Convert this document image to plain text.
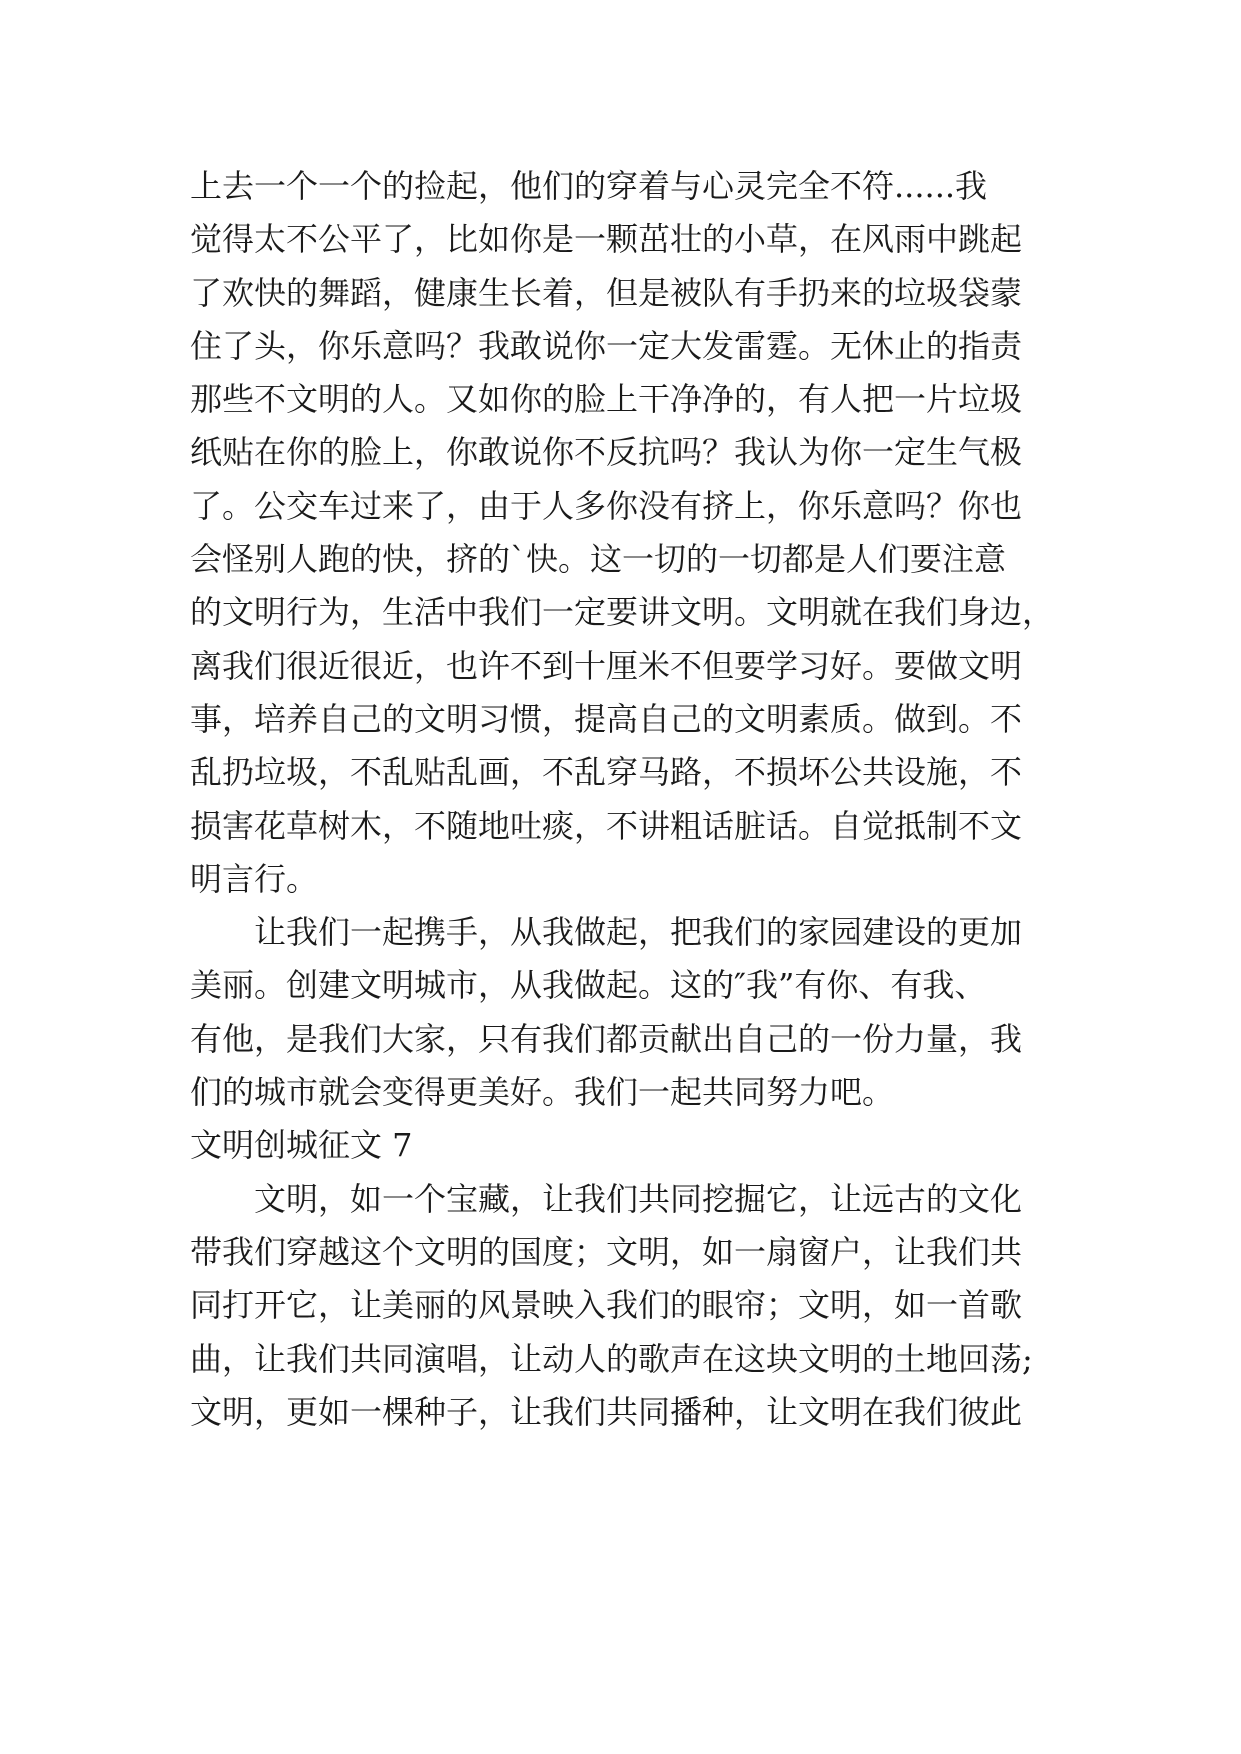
上去一个一个的捡起，他们的穿着与心灵完全不符......我
觉得太不公平了，比如你是一颗茁壮的小草，在风雨中跳起
了欢快的舞蹈，健康生长着，但是被队有手扔来的垃圾袋蒙
住了头，你乐意吗？我敢说你一定大发雷霆。无休止的指责
那些不文明的人。又如你的脸上干净净的，有人把一片垃圾
纸贴在你的脸上，你敢说你不反抗吗？我认为你一定生气极
了。公交车过来了，由于人多你没有挤上，你乐意吗？你也
会怪别人跑的快，挤的`快。这一切的一切都是人们要注意
的文明行为，生活中我们一定要讲文明。文明就在我们身边，
离我们很近很近，也许不到十厘米不但要学习好。要做文明
事，培养自己的文明习惯，提高自己的文明素质。做到。不
乱扔垃圾，不乱贴乱画，不乱穿马路，不损坏公共设施，不
损害花草树木，不随地吐痰，不讲粗话脏话。自觉抵制不文
明言行。
让我们一起携手，从我做起，把我们的家园建设的更加
美丽。创建文明城市，从我做起。这的″我”有你、有我、
有他，是我们大家，只有我们都贡献出自己的一份力量，我
们的城市就会变得更美好。我们一起共同努力吧。
文明创城征文 7
文明，如一个宝藏，让我们共同挖掘它，让远古的文化
带我们穿越这个文明的国度；文明，如一扇窗户，让我们共
同打开它，让美丽的风景映入我们的眼帘；文明，如一首歌
曲，让我们共同演唱，让动人的歌声在这块文明的土地回荡;
文明，更如一棵种子，让我们共同播种，让文明在我们彼此
